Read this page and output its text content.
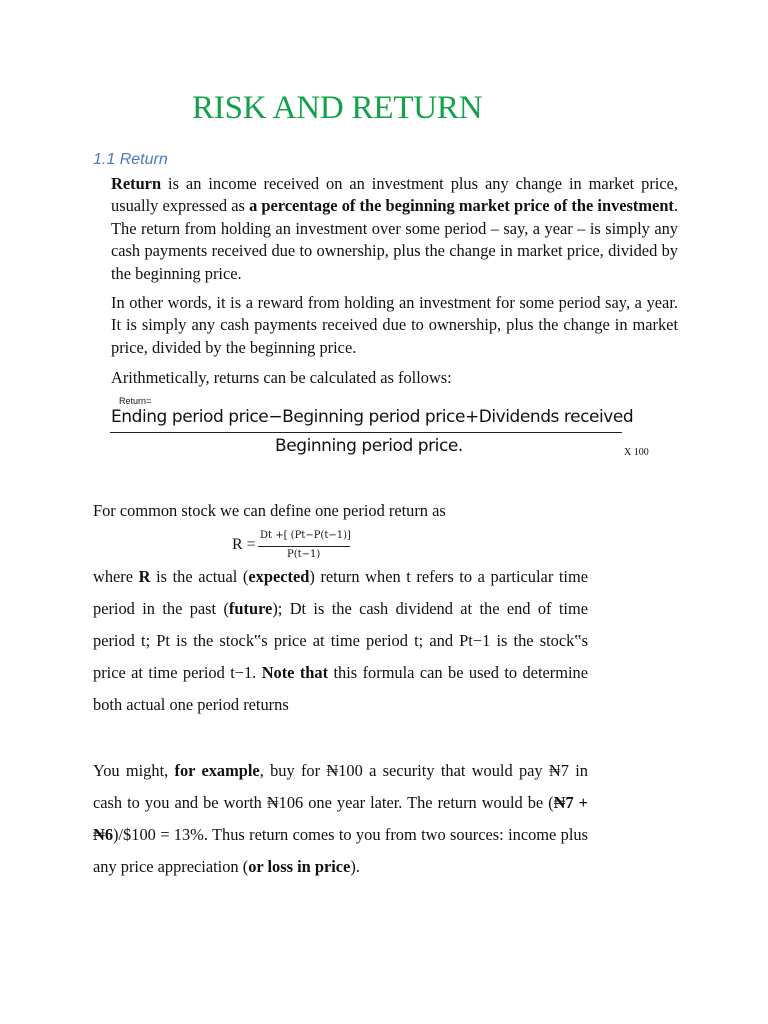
RISK AND RETURN
1.1 Return
Return is an income received on an investment plus any change in market price, usually expressed as a percentage of the beginning market price of the investment. The return from holding an investment over some period – say, a year – is simply any cash payments received due to ownership, plus the change in market price, divided by the beginning price.
In other words, it is a reward from holding an investment for some period say, a year. It is simply any cash payments received due to ownership, plus the change in market price, divided by the beginning price.
Arithmetically, returns can be calculated as follows:
Return=
Ending period price−Beginning period price+Dividends received
Beginning period price.	X 100
For common stock we can define one period return as
R =
Dt +[ (Pt−P(t−1)]
P(t−1)
where R is the actual (expected) return when t refers to a particular time period in the past (future); Dt is the cash dividend at the end of time period t; Pt is the stock‟s price at time period t; and Pt−1 is the stock‟s price at time period t−1. Note that this formula can be used to determine both actual one period returns
You might, for example, buy for ₦100 a security that would pay ₦7 in cash to you and be worth ₦106 one year later. The return would be (₦7 + ₦6)/$100 = 13%. Thus return comes to you from two sources: income plus any price appreciation (or loss in price).
